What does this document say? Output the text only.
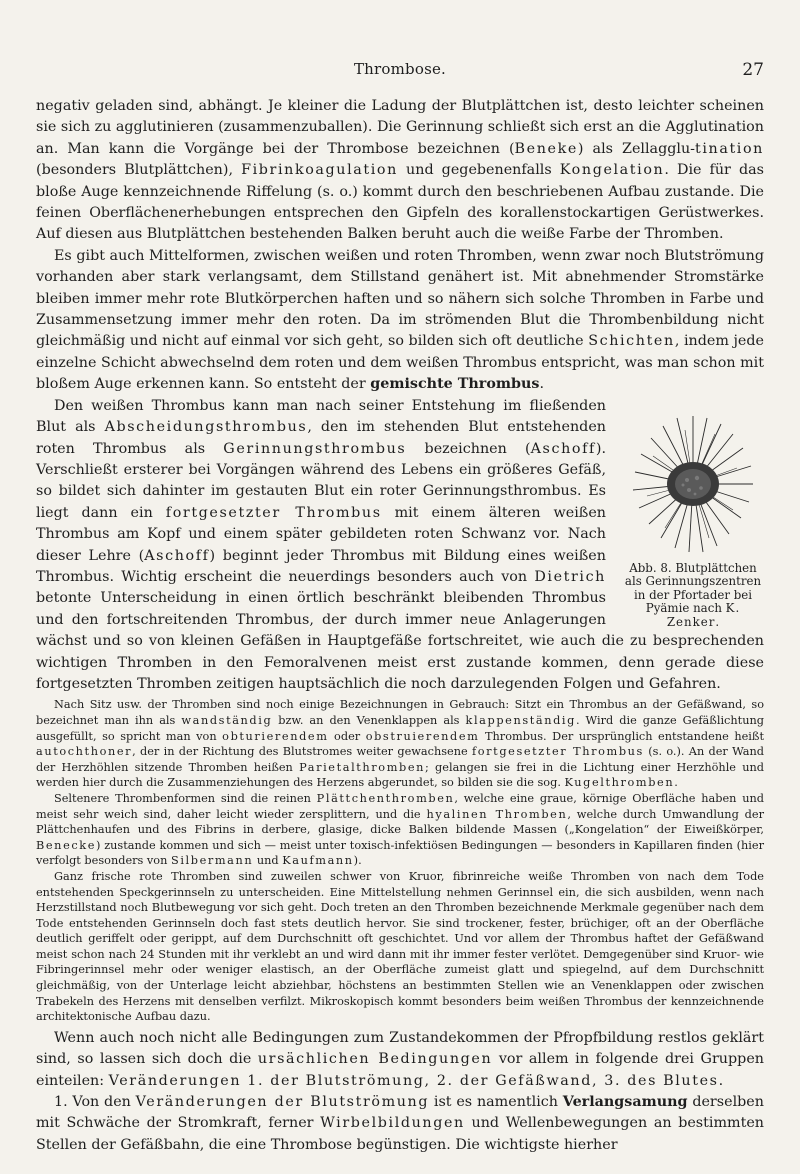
Thrombose.	27

negativ geladen sind, abhängt. Je kleiner die Ladung der Blutplättchen ist, desto leichter scheinen sie sich zu agglutinieren (zusammenzuballen). Die Gerinnung schließt sich erst an die Agglutination an. Man kann die Vorgänge bei der Thrombose bezeichnen (Beneke) als Zellagglu-tination (besonders Blutplättchen), Fibrinkoagulation und gegebenenfalls Kongelation. Die für das bloße Auge kennzeichnende Riffelung (s. o.) kommt durch den beschriebenen Aufbau zustande. Die feinen Oberflächenerhebungen entsprechen den Gipfeln des korallenstockartigen Gerüstwerkes. Auf diesen aus Blutplättchen bestehenden Balken beruht auch die weiße Farbe der Thromben.

Es gibt auch Mittelformen, zwischen weißen und roten Thromben, wenn zwar noch Blutströmung vorhanden aber stark verlangsamt, dem Stillstand genähert ist. Mit abnehmender Stromstärke bleiben immer mehr rote Blutkörperchen haften und so nähern sich solche Thromben in Farbe und Zusammensetzung immer mehr den roten. Da im strömenden Blut die Thrombenbildung nicht gleichmäßig und nicht auf einmal vor sich geht, so bilden sich oft deutliche Schichten, indem jede einzelne Schicht abwechselnd dem roten und dem weißen Thrombus entspricht, was man schon mit bloßem Auge erkennen kann. So entsteht der gemischte Thrombus.

Abb. 8. Blutplättchen als Gerinnungszentren in der Pfortader bei Pyämie nach K. Zenker.

Den weißen Thrombus kann man nach seiner Entstehung im fließenden Blut als Abscheidungsthrombus, den im stehenden Blut entstehenden roten Thrombus als Gerinnungsthrombus bezeichnen (Aschoff). Verschließt ersterer bei Vorgängen während des Lebens ein größeres Gefäß, so bildet sich dahinter im gestauten Blut ein roter Gerinnungsthrombus. Es liegt dann ein fortgesetzter Thrombus mit einem älteren weißen Thrombus am Kopf und einem später gebildeten roten Schwanz vor. Nach dieser Lehre (Aschoff) beginnt jeder Thrombus mit Bildung eines weißen Thrombus. Wichtig erscheint die neuerdings besonders auch von Dietrich betonte Unterscheidung in einen örtlich beschränkt bleibenden Thrombus und den fortschreitenden Thrombus, der durch immer neue Anlagerungen wächst und so von kleinen Gefäßen in Hauptgefäße fortschreitet, wie auch die zu besprechenden wichtigen Thromben in den Femoralvenen meist erst zustande kommen, denn gerade diese fortgesetzten Thromben zeitigen hauptsächlich die noch darzulegenden Folgen und Gefahren.

Nach Sitz usw. der Thromben sind noch einige Bezeichnungen in Gebrauch: Sitzt ein Thrombus an der Gefäßwand, so bezeichnet man ihn als wandständig bzw. an den Venenklappen als klappenständig. Wird die ganze Gefäßlichtung ausgefüllt, so spricht man von obturierendem oder obstruierendem Thrombus. Der ursprünglich entstandene heißt autochthoner, der in der Richtung des Blutstromes weiter gewachsene fortgesetzter Thrombus (s. o.). An der Wand der Herzhöhlen sitzende Thromben heißen Parietalthromben; gelangen sie frei in die Lichtung einer Herzhöhle und werden hier durch die Zusammenziehungen des Herzens abgerundet, so bilden sie die sog. Kugelthromben.

Seltenere Thrombenformen sind die reinen Plättchenthromben, welche eine graue, körnige Oberfläche haben und meist sehr weich sind, daher leicht wieder zersplittern, und die hyalinen Thromben, welche durch Umwandlung der Plättchenhaufen und des Fibrins in derbere, glasige, dicke Balken bildende Massen („Kongelation“ der Eiweißkörper, Benecke) zustande kommen und sich — meist unter toxisch-infektiösen Bedingungen — besonders in Kapillaren finden (hier verfolgt besonders von Silbermann und Kaufmann).

Ganz frische rote Thromben sind zuweilen schwer von Kruor, fibrinreiche weiße Thromben von nach dem Tode entstehenden Speckgerinnseln zu unterscheiden. Eine Mittelstellung nehmen Gerinnsel ein, die sich ausbilden, wenn nach Herzstillstand noch Blutbewegung vor sich geht. Doch treten an den Thromben bezeichnende Merkmale gegenüber nach dem Tode entstehenden Gerinnseln doch fast stets deutlich hervor. Sie sind trockener, fester, brüchiger, oft an der Oberfläche deutlich geriffelt oder gerippt, auf dem Durchschnitt oft geschichtet. Und vor allem der Thrombus haftet der Gefäßwand meist schon nach 24 Stunden mit ihr verklebt an und wird dann mit ihr immer fester verlötet. Demgegenüber sind Kruor- wie Fibringerinnsel mehr oder weniger elastisch, an der Oberfläche zumeist glatt und spiegelnd, auf dem Durchschnitt gleichmäßig, von der Unterlage leicht abziehbar, höchstens an bestimmten Stellen wie an Venenklappen oder zwischen Trabekeln des Herzens mit denselben verfilzt. Mikroskopisch kommt besonders beim weißen Thrombus der kennzeichnende architektonische Aufbau dazu.

Wenn auch noch nicht alle Bedingungen zum Zustandekommen der Pfropfbildung restlos geklärt sind, so lassen sich doch die ursächlichen Bedingungen vor allem in folgende drei Gruppen einteilen: Veränderungen 1. der Blutströmung, 2. der Gefäßwand, 3. des Blutes.

1. Von den Veränderungen der Blutströmung ist es namentlich Verlangsamung derselben mit Schwäche der Stromkraft, ferner Wirbelbildungen und Wellenbewegungen an bestimmten Stellen der Gefäßbahn, die eine Thrombose begünstigen. Die wichtigste hierher
